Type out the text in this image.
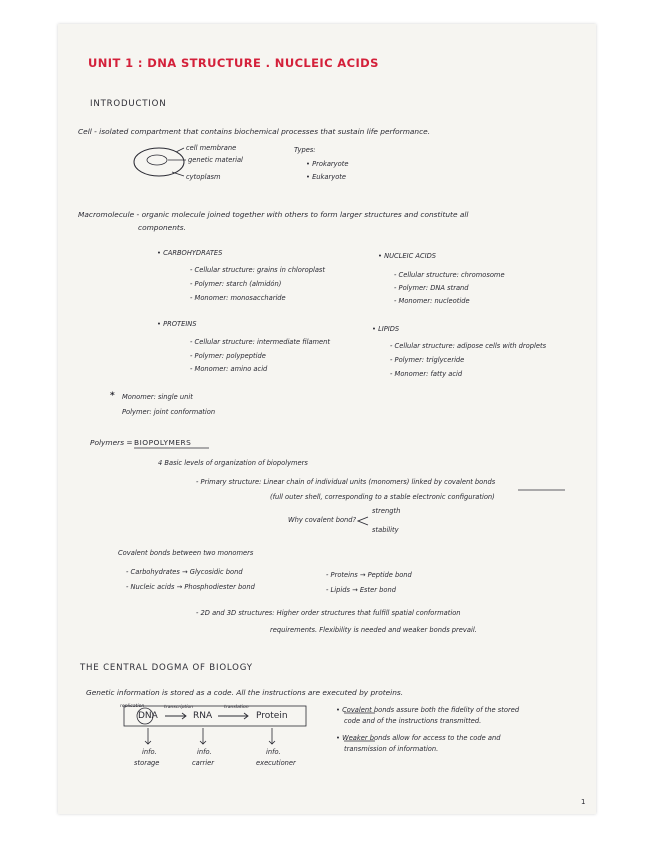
UNIT 1 : DNA STRUCTURE . NUCLEIC ACIDS
INTRODUCTION
Cell - isolated compartment that contains biochemical processes that sustain life performance.
cell membrane
genetic material
cytoplasm
Types:
• Prokaryote
• Eukaryote
Macromolecule - organic molecule joined together with others to form larger structures and constitute all
components.
• CARBOHYDRATES
- Cellular structure: grains in chloroplast
- Polymer: starch (almidón)
- Monomer: monosaccharide
• NUCLEIC ACIDS
- Cellular structure: chromosome
- Polymer: DNA strand
- Monomer: nucleotide
• PROTEINS
- Cellular structure: intermediate filament
- Polymer: polypeptide
- Monomer: amino acid
• LIPIDS
- Cellular structure: adipose cells with droplets
- Polymer: triglyceride
- Monomer: fatty acid
* Monomer: single unit
Polymer: joint conformation
Polymers = BIOPOLYMERS
4 Basic levels of organization of biopolymers
- Primary structure: Linear chain of individual units (monomers) linked by covalent bonds
(full outer shell, corresponding to a stable electronic configuration)
Why covalent bond?
strength
stability
Covalent bonds between two monomers
- Carbohydrates → Glycosidic bond
- Nucleic acids → Phosphodiester bond
- Proteins → Peptide bond
- Lipids → Ester bond
- 2D and 3D structures: Higher order structures that fulfill spatial conformation
requirements. Flexibility is needed and weaker bonds prevail.
THE CENTRAL DOGMA OF BIOLOGY
Genetic information is stored as a code. All the instructions are executed by proteins.
replication	transcription	translation
DNA	RNA	Protein
info.
storage
info.
carrier
info.
executioner
• Covalent bonds assure both the fidelity of the stored
code and of the instructions transmitted.
• Weaker bonds allow for access to the code and
transmission of information.
1
